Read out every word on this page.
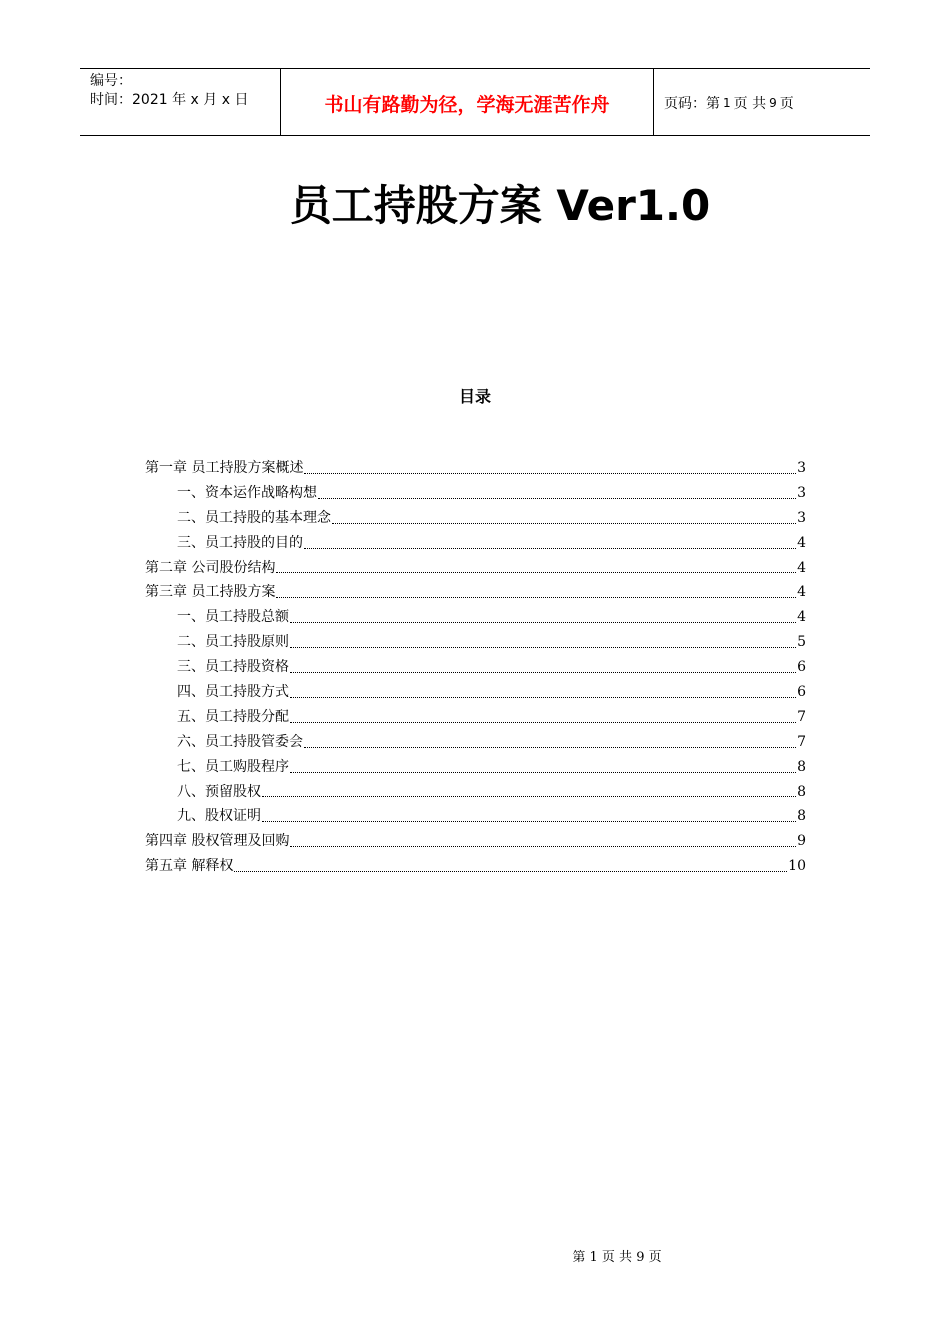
编号：
时间：2021 年 x 月 x 日	书山有路勤为径，学海无涯苦作舟	页码：第 1 页 共 9 页
员工持股方案 Ver1.0
目录
第一章 员工持股方案概述	3
一、资本运作战略构想	3
二、员工持股的基本理念	3
三、员工持股的目的	4
第二章 公司股份结构	4
第三章 员工持股方案	4
一、员工持股总额	4
二、员工持股原则	5
三、员工持股资格	6
四、员工持股方式	6
五、员工持股分配	7
六、员工持股管委会	7
七、员工购股程序	8
八、预留股权	8
九、股权证明	8
第四章 股权管理及回购	9
第五章 解释权	10
第 1 页 共 9 页
